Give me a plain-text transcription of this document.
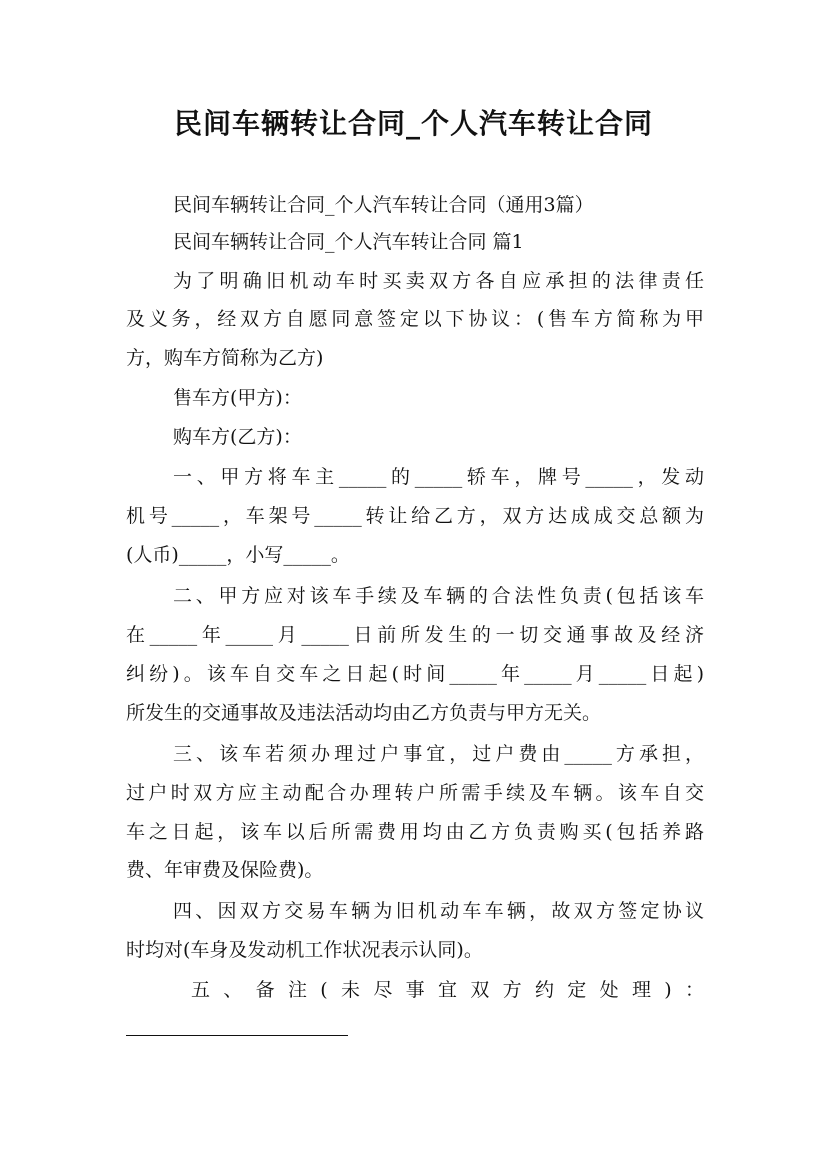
民间车辆转让合同_个人汽车转让合同

民间车辆转让合同_个人汽车转让合同（通用3篇）

民间车辆转让合同_个人汽车转让合同 篇1

为了明确旧机动车时买卖双方各自应承担的法律责任

及义务，经双方自愿同意签定以下协议：(售车方简称为甲

方，购车方简称为乙方)

售车方(甲方)：

购车方(乙方)：

一、甲方将车主_____的_____轿车，牌号_____，发动

机号_____，车架号_____转让给乙方，双方达成成交总额为

(人币)_____，小写_____。

二、甲方应对该车手续及车辆的合法性负责(包括该车

在_____年_____月_____日前所发生的一切交通事故及经济

纠纷)。该车自交车之日起(时间_____年_____月_____日起)

所发生的交通事故及违法活动均由乙方负责与甲方无关。

三、该车若须办理过户事宜，过户费由_____方承担，

过户时双方应主动配合办理转户所需手续及车辆。该车自交

车之日起，该车以后所需费用均由乙方负责购买(包括养路

费、年审费及保险费)。

四、因双方交易车辆为旧机动车车辆，故双方签定协议

时均对(车身及发动机工作状况表示认同)。

五、备注(未尽事宜双方约定处理)：
